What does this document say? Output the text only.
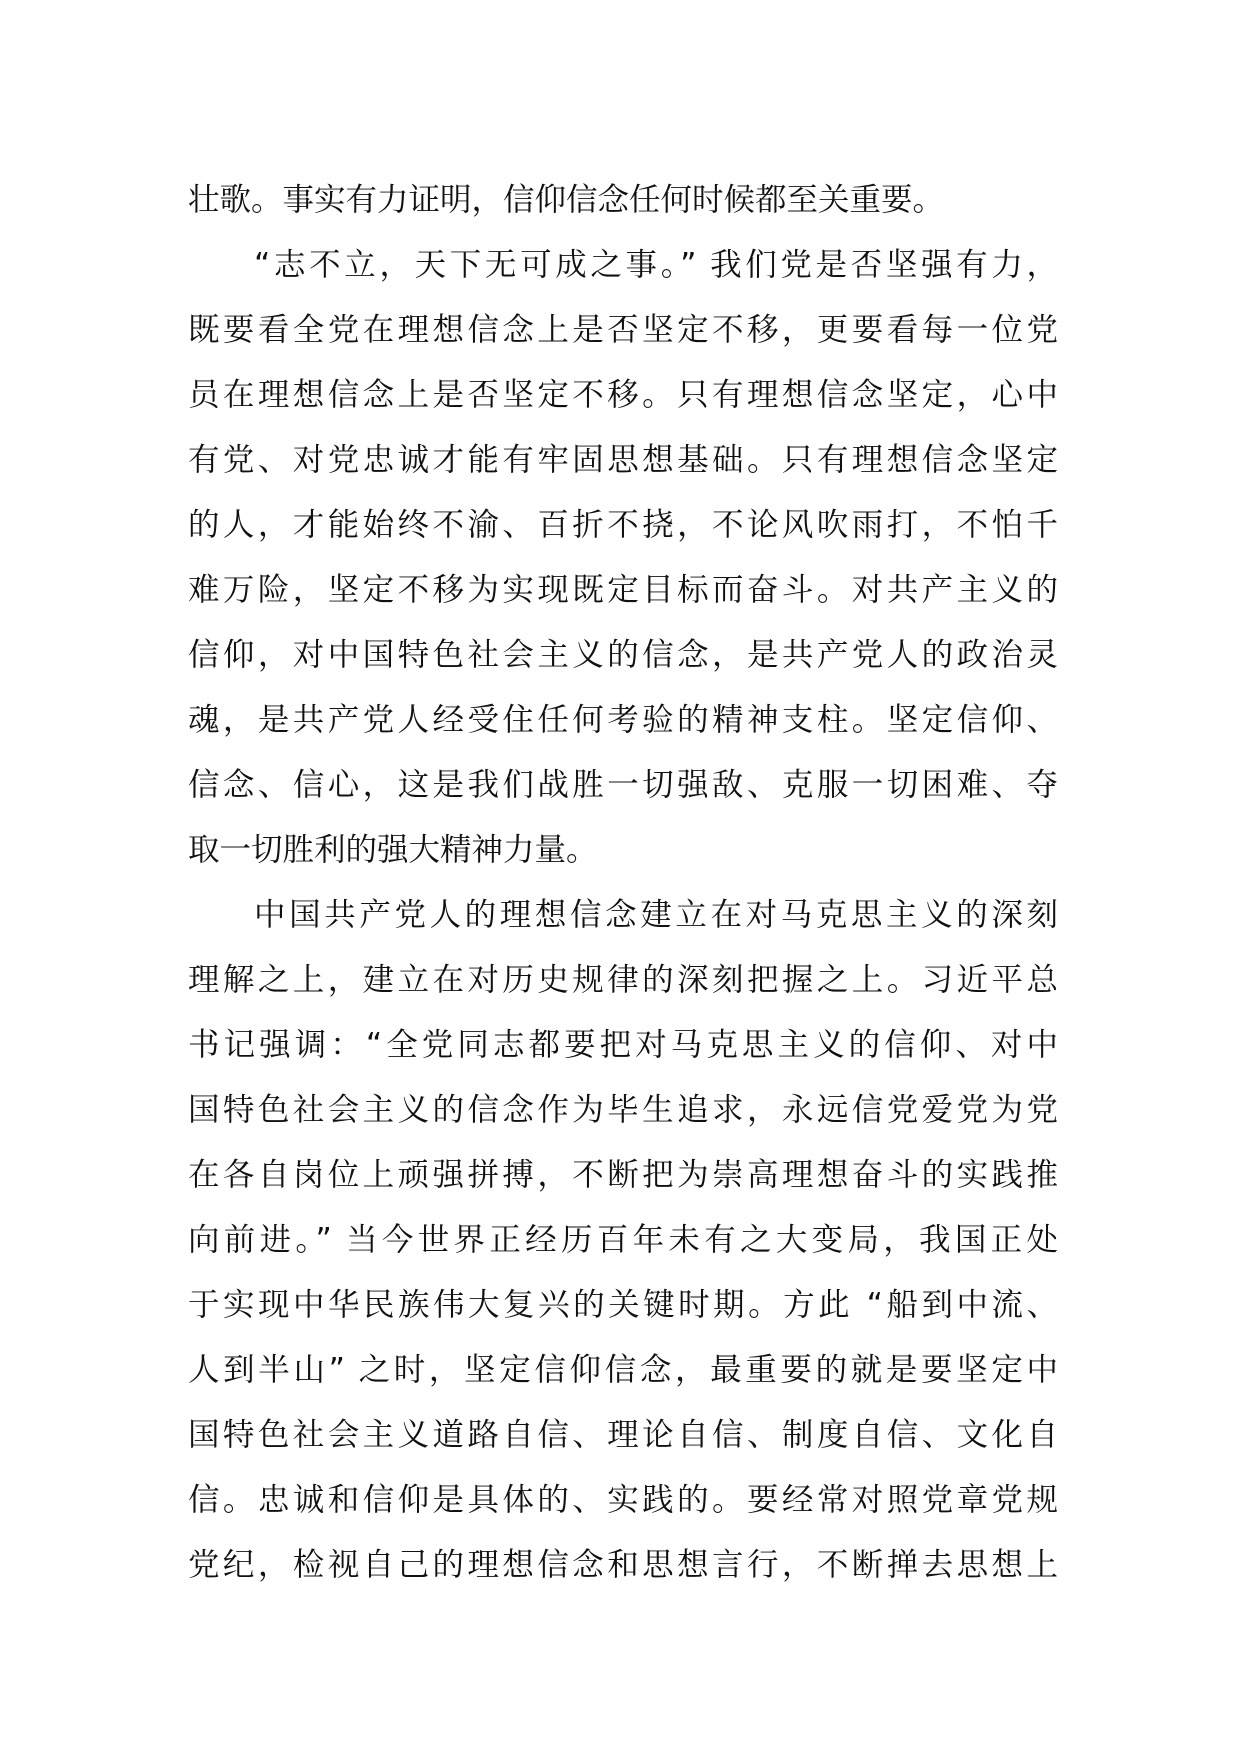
壮歌。事实有力证明，信仰信念任何时候都至关重要。
“志不立，天下无可成之事。” 我们党是否坚强有力，
既要看全党在理想信念上是否坚定不移，更要看每一位党
员在理想信念上是否坚定不移。只有理想信念坚定，心中
有党、对党忠诚才能有牢固思想基础。只有理想信念坚定
的人，才能始终不渝、百折不挠，不论风吹雨打，不怕千
难万险，坚定不移为实现既定目标而奋斗。对共产主义的
信仰，对中国特色社会主义的信念，是共产党人的政治灵
魂，是共产党人经受住任何考验的精神支柱。坚定信仰、
信念、信心，这是我们战胜一切强敌、克服一切困难、夺
取一切胜利的强大精神力量。
中国共产党人的理想信念建立在对马克思主义的深刻
理解之上，建立在对历史规律的深刻把握之上。习近平总
书记强调：“全党同志都要把对马克思主义的信仰、对中
国特色社会主义的信念作为毕生追求，永远信党爱党为党
在各自岗位上顽强拼搏，不断把为崇高理想奋斗的实践推
向前进。” 当今世界正经历百年未有之大变局，我国正处
于实现中华民族伟大复兴的关键时期。方此 “船到中流、
人到半山” 之时，坚定信仰信念，最重要的就是要坚定中
国特色社会主义道路自信、理论自信、制度自信、文化自
信。忠诚和信仰是具体的、实践的。要经常对照党章党规
党纪，检视自己的理想信念和思想言行，不断掸去思想上
